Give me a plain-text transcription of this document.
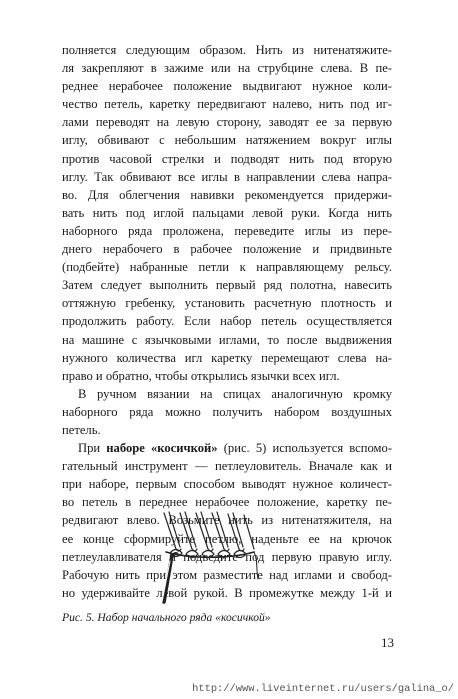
полняется следующим образом. Нить из нитенатяжите-
ля закрепляют в зажиме или на струбцине слева. В пе-
реднее нерабочее положение выдвигают нужное коли-
чество петель, каретку передвигают налево, нить под иг-
лами переводят на левую сторону, заводят ее за первую
иглу, обвивают с небольшим натяжением вокруг иглы
против часовой стрелки и подводят нить под вторую
иглу. Так обвивают все иглы в направлении слева напра-
во. Для облегчения навивки рекомендуется придержи-
вать нить под иглой пальцами левой руки. Когда нить
наборного ряда проложена, переведите иглы из пере-
днего нерабочего в рабочее положение и придвиньте
(подбейте) набранные петли к направляющему рельсу.
Затем следует выполнить первый ряд полотна, навесить
оттяжную гребенку, установить расчетную плотность и
продолжить работу. Если набор петель осуществляется
на машине с язычковыми иглами, то после выдвижения
нужного количества игл каретку перемещают слева на-
право и обратно, чтобы открылись язычки всех игл.
В ручном вязании на спицах аналогичную кромку
наборного ряда можно получить набором воздушных
петель.
При наборе «косичкой» (рис. 5) используется вспомо-
гательный инструмент — петлеуловитель. Вначале как и
при наборе, первым способом выводят нужное количест-
во петель в переднее нерабочее положение, каретку пе-
редвигают влево. Возьмите нить из нитенатяжителя, на
ее конце сформируйте петлю, наденьте ее на крючок
петлеулавливателя и подведите под первую правую иглу.
Рабочую нить при этом разместите над иглами и свобод-
но удерживайте левой рукой. В промежутке между 1-й и
Рис. 5. Набор начального ряда «косичкой»
13
http://www.liveinternet.ru/users/galina_o/
